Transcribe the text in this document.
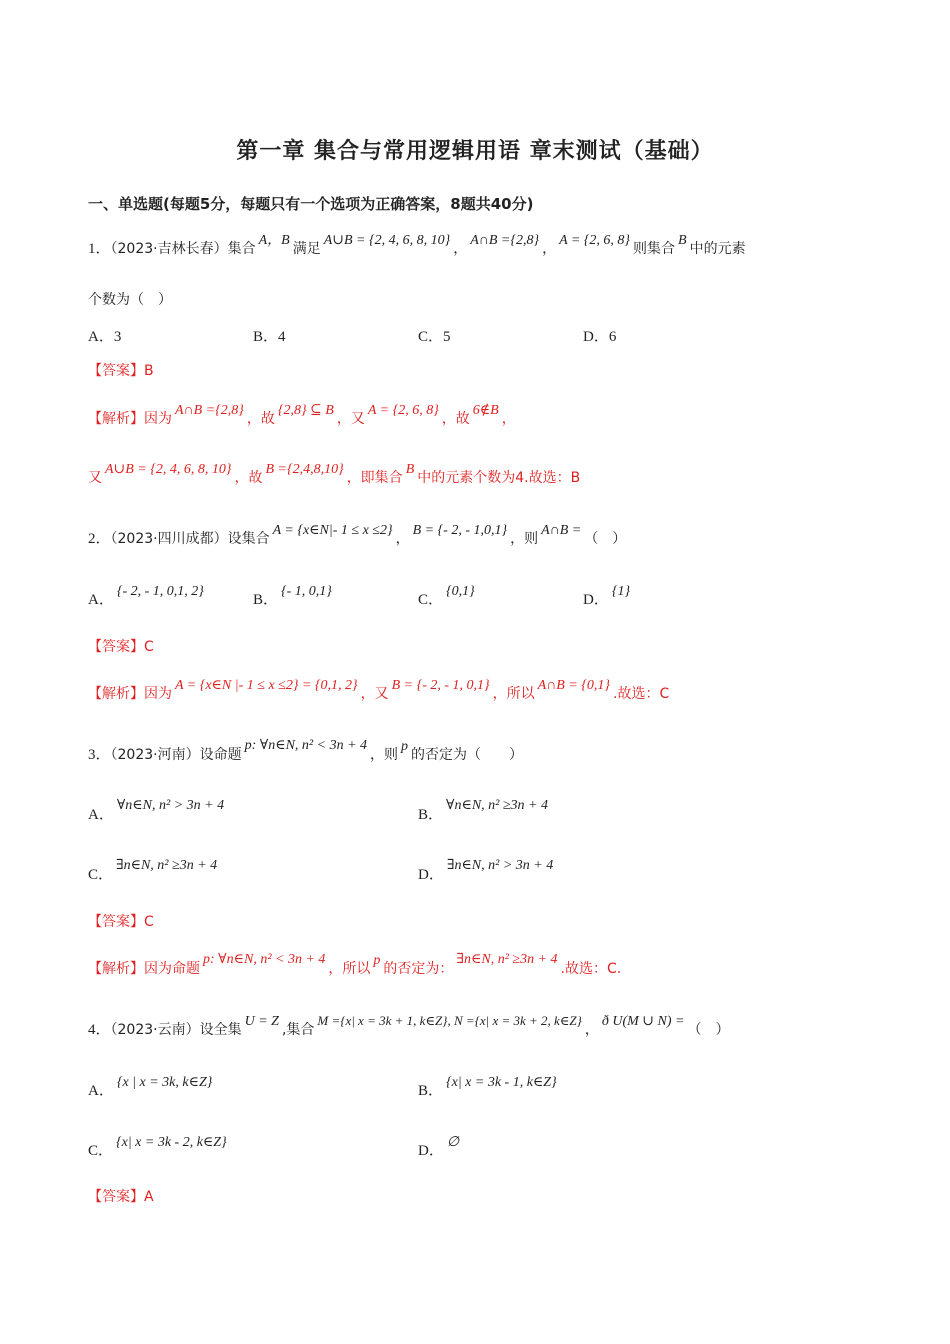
第一章 集合与常用逻辑用语 章末测试（基础）
一、单选题(每题5分，每题只有一个选项为正确答案，8题共40分)
1．（2023·吉林长春）集合A，B满足A∪B = {2, 4, 6, 8, 10}，A∩B ={2,8}，A = {2, 6, 8}则集合B中的元素
个数为（　）
A．3	B．4	C．5	D．6
【答案】B
【解析】因为A∩B ={2,8}，故{2,8} ⊆ B，又A = {2, 6, 8}，故6∉B，
又A∪B = {2, 4, 6, 8, 10}，故B ={2,4,8,10}，即集合B中的元素个数为4.故选：B
2．（2023·四川成都）设集合A = {x∈N|- 1 ≤ x ≤2}，B = {- 2, - 1,0,1}，则A∩B =（　）
A．{- 2, - 1, 0,1, 2}
B．{- 1, 0,1}
C．{0,1}
D．{1}
【答案】C
【解析】因为A = {x∈N |- 1 ≤ x ≤2} = {0,1, 2}，又B = {- 2, - 1, 0,1}，所以A∩B = {0,1}.故选：C
3．（2023·河南）设命题p: ∀n∈N, n² < 3n + 4，则p的否定为（　　）
A．∀n∈N, n² > 3n + 4
B．∀n∈N, n² ≥3n + 4
C．∃n∈N, n² ≥3n + 4
D．∃n∈N, n² > 3n + 4
【答案】C
【解析】因为命题p: ∀n∈N, n² < 3n + 4，所以p的否定为：∃n∈N, n² ≥3n + 4.故选：C.
4．（2023·云南）设全集U = Z,集合M ={x| x = 3k + 1, k∈Z}, N ={x| x = 3k + 2, k∈Z}，ð U(M ∪ N) =（　）
A．{x | x = 3k, k∈Z}
B．{x| x = 3k - 1, k∈Z}
C．{x| x = 3k - 2, k∈Z}
D．∅
【答案】A
